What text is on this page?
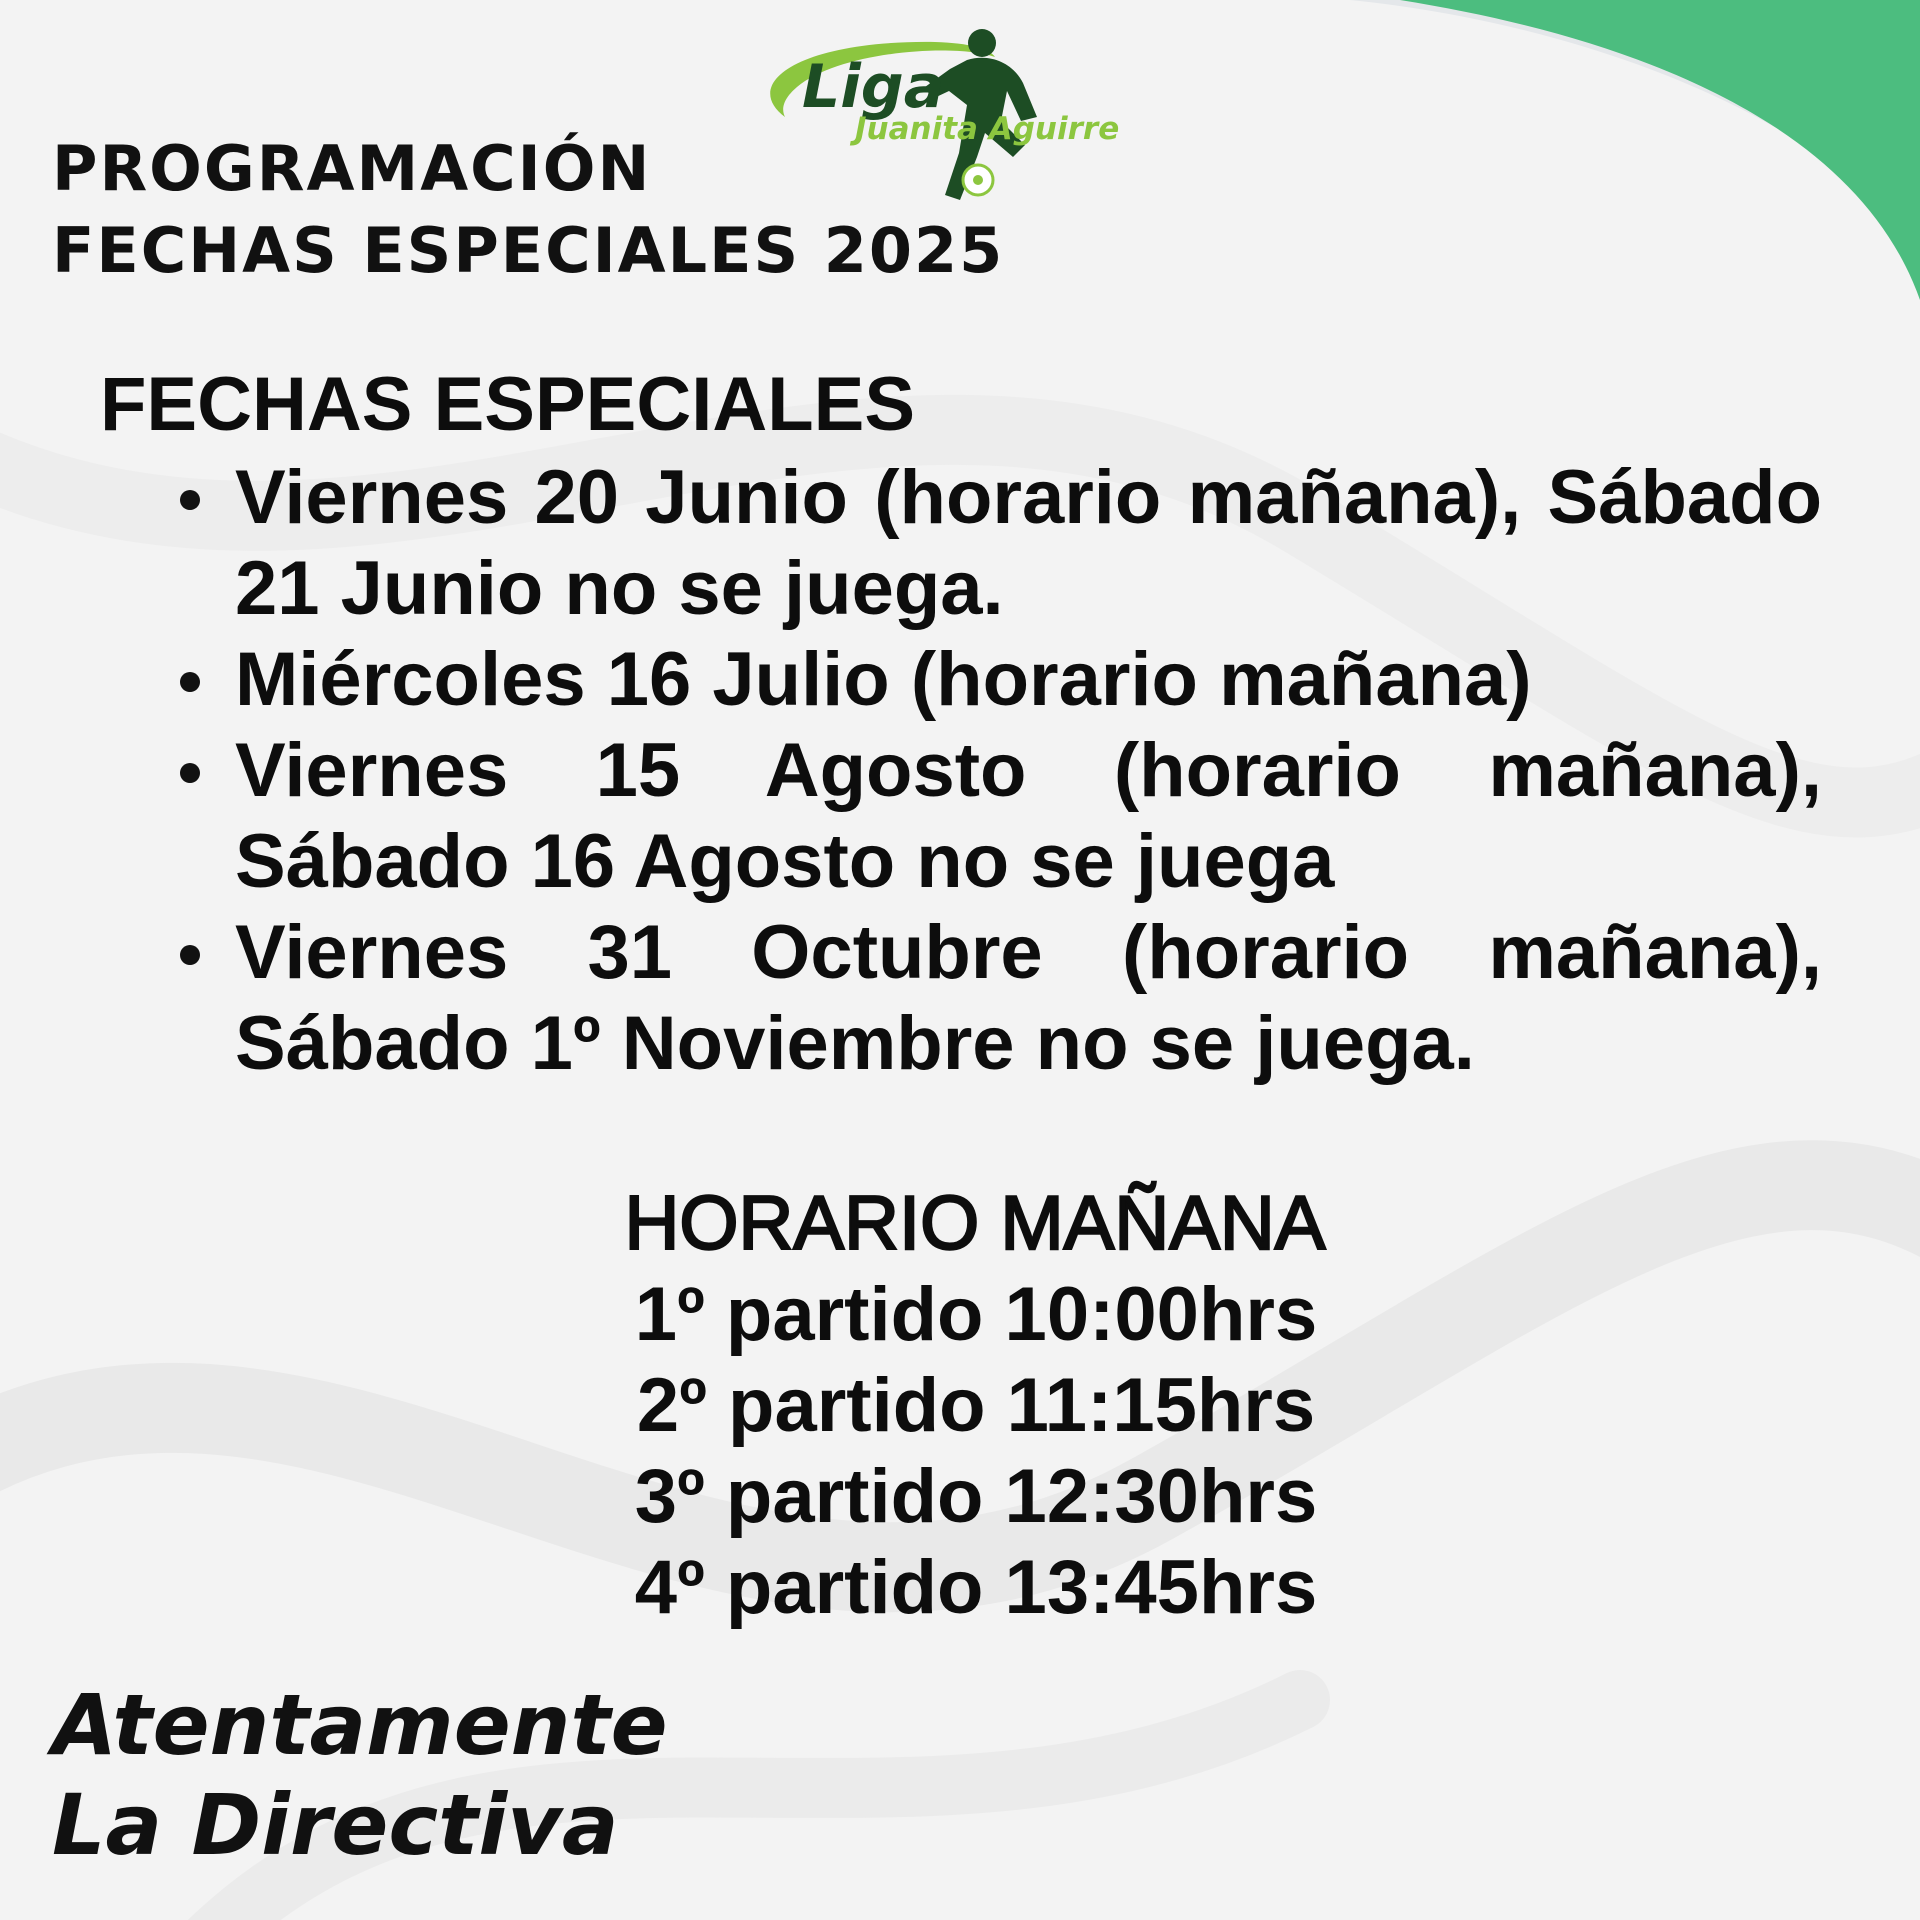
Liga
Juanita Aguirre
PROGRAMACIÓN
FECHAS ESPECIALES 2025
FECHAS ESPECIALES
Viernes 20 Junio (horario mañana), Sábado 21 Junio no se juega.
Miércoles 16 Julio (horario mañana)
Viernes 15 Agosto (horario mañana), Sábado 16 Agosto no se juega
Viernes 31 Octubre (horario mañana), Sábado 1º Noviembre no se juega.
HORARIO MAÑANA
1º partido 10:00hrs
2º partido 11:15hrs
3º partido 12:30hrs
4º partido 13:45hrs
Atentamente
La Directiva
